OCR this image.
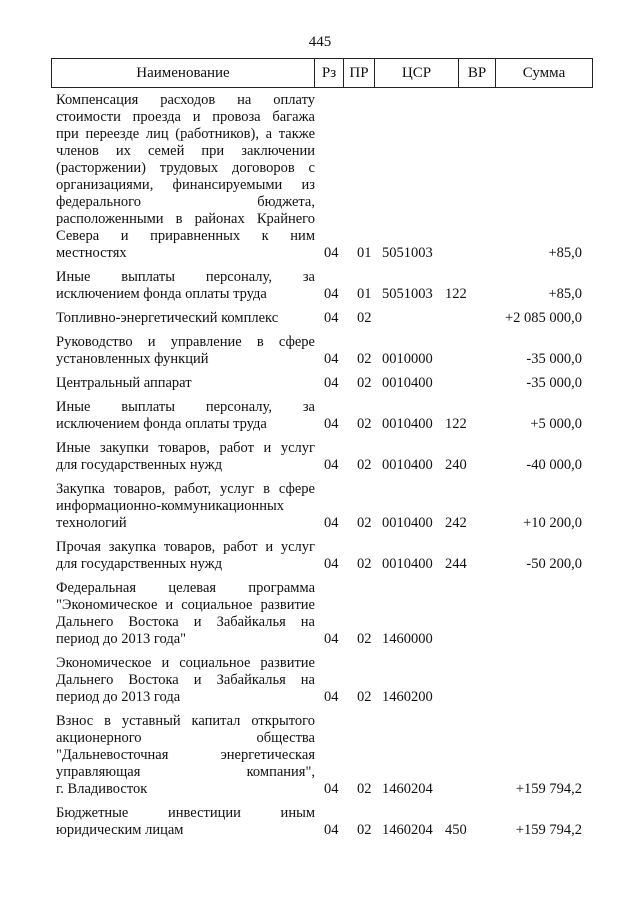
445
Наименование	Рз ПР	ЦСР	ВР	Сумма
Компенсация расходов на оплату
стоимости проезда и провоза багажа
при переезде лиц (работников), а также
членов их семей при заключении
(расторжении) трудовых договоров с
организациями, финансируемыми из
федерального бюджета,
расположенными в районах Крайнего
Севера и приравненных к ним
местностях	04 01 5051003	+85,0
Иные выплаты персоналу, за
исключением фонда оплаты труда	04 01 5051003 122	+85,0
Топливно-энергетический комплекс	04 02	+2 085 000,0
Руководство и управление в сфере
установленных функций	04 02 0010000	-35 000,0
Центральный аппарат	04 02 0010400	-35 000,0
Иные выплаты персоналу, за
исключением фонда оплаты труда	04 02 0010400 122	+5 000,0
Иные закупки товаров, работ и услуг
для государственных нужд	04 02 0010400 240	-40 000,0
Закупка товаров, работ, услуг в сфере
информационно-коммуникационных
технологий	04 02 0010400 242	+10 200,0
Прочая закупка товаров, работ и услуг
для государственных нужд	04 02 0010400 244	-50 200,0
Федеральная целевая программа
"Экономическое и социальное развитие
Дальнего Востока и Забайкалья на
период до 2013 года"	04 02 1460000
Экономическое и социальное развитие
Дальнего Востока и Забайкалья на
период до 2013 года	04 02 1460200
Взнос в уставный капитал открытого
акционерного общества
"Дальневосточная энергетическая
управляющая компания",
г. Владивосток	04 02 1460204	+159 794,2
Бюджетные инвестиции иным
юридическим лицам	04 02 1460204 450	+159 794,2
